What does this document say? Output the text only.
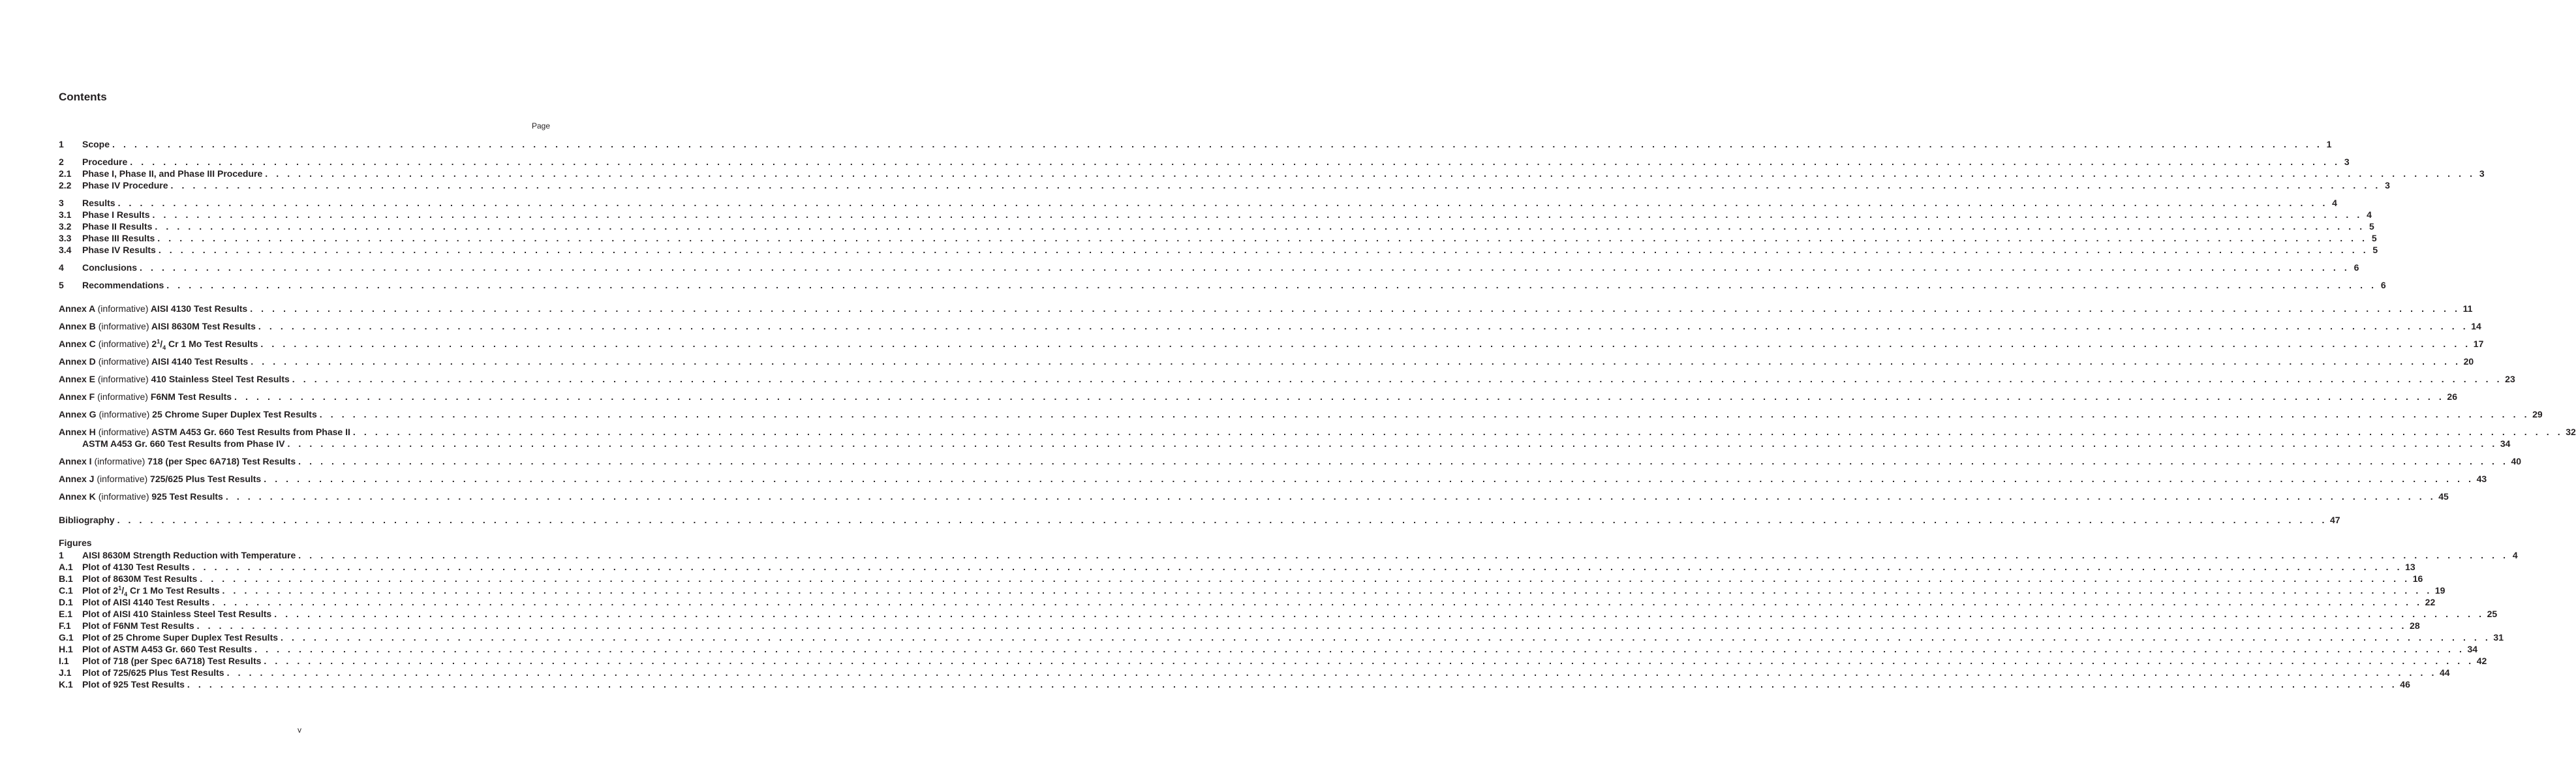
Contents
Page
1	Scope . . . . . . . . . . . . . . . . . . . . . . . . . . . . . . . . . . . . . . . . . . . . . . . . . . . . . . . . . . . . . . . . . . . . . . . . . . . . . . . . . . . . . . . . . . . . . . . . . . . . . . . . . . . . . . . . . . . . . . . . . . . . . . . . . . . . . . . . . . . . . . . . . . . . . . . . . . . . . . . . . . . . . . . . . . . . . . . . . . . . . . . . . . . . . . . . . . . . . . . . 1
2	Procedure . . . . . . . . . . . . . . . . . . . . . . . . . . . . . . . . . . . . . . . . . . . . . . . . . . . . . . . . . . . . . . . . . . . . . . . . . . . . . . . . . . . . . . . . . . . . . . . . . . . . . . . . . . . . . . . . . . . . . . . . . . . . . . . . . . . . . . . . . . . . . . . . . . . . . . . . . . . . . . . . . . . . . . . . . . . . . . . . . . . . . . . . . . . . . . . . . . . . . . . . 3
2.1	Phase I, Phase II, and Phase III Procedure . . . . . . . . . . . . . . . . . . . . . . . . . . . . . . . . . . . . . . . . . . . . . . . . . . . . . . . . . . . . . . . . . . . . . . . . . . . . . . . . . . . . . . . . . . . . . . . . . . . . . . . . . . . . . . . . . . . . . . . . . . . . . . . . . . . . . . . . . . . . . . . . . . . . . . . . . . . . . . . . . . . . . . . . . . . . . . . . . . . . . . . . . . . . . . . . . . . . . . . . 3
2.2	Phase IV Procedure . . . . . . . . . . . . . . . . . . . . . . . . . . . . . . . . . . . . . . . . . . . . . . . . . . . . . . . . . . . . . . . . . . . . . . . . . . . . . . . . . . . . . . . . . . . . . . . . . . . . . . . . . . . . . . . . . . . . . . . . . . . . . . . . . . . . . . . . . . . . . . . . . . . . . . . . . . . . . . . . . . . . . . . . . . . . . . . . . . . . . . . . . . . . . . . . . . . . . . . . 3
3	Results . . . . . . . . . . . . . . . . . . . . . . . . . . . . . . . . . . . . . . . . . . . . . . . . . . . . . . . . . . . . . . . . . . . . . . . . . . . . . . . . . . . . . . . . . . . . . . . . . . . . . . . . . . . . . . . . . . . . . . . . . . . . . . . . . . . . . . . . . . . . . . . . . . . . . . . . . . . . . . . . . . . . . . . . . . . . . . . . . . . . . . . . . . . . . . . . . . . . . . . . 4
3.1	Phase I Results . . . . . . . . . . . . . . . . . . . . . . . . . . . . . . . . . . . . . . . . . . . . . . . . . . . . . . . . . . . . . . . . . . . . . . . . . . . . . . . . . . . . . . . . . . . . . . . . . . . . . . . . . . . . . . . . . . . . . . . . . . . . . . . . . . . . . . . . . . . . . . . . . . . . . . . . . . . . . . . . . . . . . . . . . . . . . . . . . . . . . . . . . . . . . . . . . . . . . . . . 4
3.2	Phase II Results . . . . . . . . . . . . . . . . . . . . . . . . . . . . . . . . . . . . . . . . . . . . . . . . . . . . . . . . . . . . . . . . . . . . . . . . . . . . . . . . . . . . . . . . . . . . . . . . . . . . . . . . . . . . . . . . . . . . . . . . . . . . . . . . . . . . . . . . . . . . . . . . . . . . . . . . . . . . . . . . . . . . . . . . . . . . . . . . . . . . . . . . . . . . . . . . . . . . . . . . 5
3.3	Phase III Results . . . . . . . . . . . . . . . . . . . . . . . . . . . . . . . . . . . . . . . . . . . . . . . . . . . . . . . . . . . . . . . . . . . . . . . . . . . . . . . . . . . . . . . . . . . . . . . . . . . . . . . . . . . . . . . . . . . . . . . . . . . . . . . . . . . . . . . . . . . . . . . . . . . . . . . . . . . . . . . . . . . . . . . . . . . . . . . . . . . . . . . . . . . . . . . . . . . . . . . . 5
3.4	Phase IV Results . . . . . . . . . . . . . . . . . . . . . . . . . . . . . . . . . . . . . . . . . . . . . . . . . . . . . . . . . . . . . . . . . . . . . . . . . . . . . . . . . . . . . . . . . . . . . . . . . . . . . . . . . . . . . . . . . . . . . . . . . . . . . . . . . . . . . . . . . . . . . . . . . . . . . . . . . . . . . . . . . . . . . . . . . . . . . . . . . . . . . . . . . . . . . . . . . . . . . . . . 5
4	Conclusions . . . . . . . . . . . . . . . . . . . . . . . . . . . . . . . . . . . . . . . . . . . . . . . . . . . . . . . . . . . . . . . . . . . . . . . . . . . . . . . . . . . . . . . . . . . . . . . . . . . . . . . . . . . . . . . . . . . . . . . . . . . . . . . . . . . . . . . . . . . . . . . . . . . . . . . . . . . . . . . . . . . . . . . . . . . . . . . . . . . . . . . . . . . . . . . . . . . . . . . . 6
5	Recommendations . . . . . . . . . . . . . . . . . . . . . . . . . . . . . . . . . . . . . . . . . . . . . . . . . . . . . . . . . . . . . . . . . . . . . . . . . . . . . . . . . . . . . . . . . . . . . . . . . . . . . . . . . . . . . . . . . . . . . . . . . . . . . . . . . . . . . . . . . . . . . . . . . . . . . . . . . . . . . . . . . . . . . . . . . . . . . . . . . . . . . . . . . . . . . . . . . . . . . . . . 6
Annex A (informative) AISI 4130 Test Results . . . . . . . . . . . . . . . . . . . . . . . . . . . . . . . . . . . . . . . . . . . . . . . . . . . . . . . . . . . . . . . . . . . . . . . . . . . . . . . . . . . . . . . . . . . . . . . . . . . . . . . . . . . . . . . . . . . . . . . . . . . . . . . . . . . . . . . . . . . . . . . . . . . . . . . . . . . . . . . . . . . . . . . . . . . . . . . . . . . . . . . . . . . . . . . . . . . . . . . . 11
Annex B (informative) AISI 8630M Test Results . . . . . . . . . . . . . . . . . . . . . . . . . . . . . . . . . . . . . . . . . . . . . . . . . . . . . . . . . . . . . . . . . . . . . . . . . . . . . . . . . . . . . . . . . . . . . . . . . . . . . . . . . . . . . . . . . . . . . . . . . . . . . . . . . . . . . . . . . . . . . . . . . . . . . . . . . . . . . . . . . . . . . . . . . . . . . . . . . . . . . . . . . . . . . . . . . . . . . . . . 14
Annex C (informative) $2^1/_4$ Cr 1 Mo Test Results . . . . . . . . . . . . . . . . . . . . . . . . . . . . . . . . . . . . . . . . . . . . . . . . . . . . . . . . . . . . . . . . . . . . . . . . . . . . . . . . . . . . . . . . . . . . . . . . . . . . . . . . . . . . . . . . . . . . . . . . . . . . . . . . . . . . . . . . . . . . . . . . . . . . . . . . . . . . . . . . . . . . . . . . . . . . . . . . . . . . . . . . . . . . . . . . . . . . . . . . 17
Annex D (informative) AISI 4140 Test Results . . . . . . . . . . . . . . . . . . . . . . . . . . . . . . . . . . . . . . . . . . . . . . . . . . . . . . . . . . . . . . . . . . . . . . . . . . . . . . . . . . . . . . . . . . . . . . . . . . . . . . . . . . . . . . . . . . . . . . . . . . . . . . . . . . . . . . . . . . . . . . . . . . . . . . . . . . . . . . . . . . . . . . . . . . . . . . . . . . . . . . . . . . . . . . . . . . . . . . . . 20
Annex E (informative) 410 Stainless Steel Test Results . . . . . . . . . . . . . . . . . . . . . . . . . . . . . . . . . . . . . . . . . . . . . . . . . . . . . . . . . . . . . . . . . . . . . . . . . . . . . . . . . . . . . . . . . . . . . . . . . . . . . . . . . . . . . . . . . . . . . . . . . . . . . . . . . . . . . . . . . . . . . . . . . . . . . . . . . . . . . . . . . . . . . . . . . . . . . . . . . . . . . . . . . . . . . . . . . . . . . . . . 23
Annex F (informative) F6NM Test Results . . . . . . . . . . . . . . . . . . . . . . . . . . . . . . . . . . . . . . . . . . . . . . . . . . . . . . . . . . . . . . . . . . . . . . . . . . . . . . . . . . . . . . . . . . . . . . . . . . . . . . . . . . . . . . . . . . . . . . . . . . . . . . . . . . . . . . . . . . . . . . . . . . . . . . . . . . . . . . . . . . . . . . . . . . . . . . . . . . . . . . . . . . . . . . . . . . . . . . . . 26
Annex G (informative) 25 Chrome Super Duplex Test Results . . . . . . . . . . . . . . . . . . . . . . . . . . . . . . . . . . . . . . . . . . . . . . . . . . . . . . . . . . . . . . . . . . . . . . . . . . . . . . . . . . . . . . . . . . . . . . . . . . . . . . . . . . . . . . . . . . . . . . . . . . . . . . . . . . . . . . . . . . . . . . . . . . . . . . . . . . . . . . . . . . . . . . . . . . . . . . . . . . . . . . . . . . . . . . . . . . . . . . . . 29
Annex H (informative) ASTM A453 Gr. 660 Test Results from Phase II . . . . . . . . . . . . . . . . . . . . . . . . . . . . . . . . . . . . . . . . . . . . . . . . . . . . . . . . . . . . . . . . . . . . . . . . . . . . . . . . . . . . . . . . . . . . . . . . . . . . . . . . . . . . . . . . . . . . . . . . . . . . . . . . . . . . . . . . . . . . . . . . . . . . . . . . . . . . . . . . . . . . . . . . . . . . . . . . . . . . . . . . . . . . . . . . . . . . . . . . 32
ASTM A453 Gr. 660 Test Results from Phase IV . . . . . . . . . . . . . . . . . . . . . . . . . . . . . . . . . . . . . . . . . . . . . . . . . . . . . . . . . . . . . . . . . . . . . . . . . . . . . . . . . . . . . . . . . . . . . . . . . . . . . . . . . . . . . . . . . . . . . . . . . . . . . . . . . . . . . . . . . . . . . . . . . . . . . . . . . . . . . . . . . . . . . . . . . . . . . . . . . . . . . . . . . . . . . . . . . . . . . . . . 34
Annex I (informative) 718 (per Spec 6A718) Test Results . . . . . . . . . . . . . . . . . . . . . . . . . . . . . . . . . . . . . . . . . . . . . . . . . . . . . . . . . . . . . . . . . . . . . . . . . . . . . . . . . . . . . . . . . . . . . . . . . . . . . . . . . . . . . . . . . . . . . . . . . . . . . . . . . . . . . . . . . . . . . . . . . . . . . . . . . . . . . . . . . . . . . . . . . . . . . . . . . . . . . . . . . . . . . . . . . . . . . . . . 40
Annex J (informative) 725/625 Plus Test Results . . . . . . . . . . . . . . . . . . . . . . . . . . . . . . . . . . . . . . . . . . . . . . . . . . . . . . . . . . . . . . . . . . . . . . . . . . . . . . . . . . . . . . . . . . . . . . . . . . . . . . . . . . . . . . . . . . . . . . . . . . . . . . . . . . . . . . . . . . . . . . . . . . . . . . . . . . . . . . . . . . . . . . . . . . . . . . . . . . . . . . . . . . . . . . . . . . . . . . . . 43
Annex K (informative) 925 Test Results . . . . . . . . . . . . . . . . . . . . . . . . . . . . . . . . . . . . . . . . . . . . . . . . . . . . . . . . . . . . . . . . . . . . . . . . . . . . . . . . . . . . . . . . . . . . . . . . . . . . . . . . . . . . . . . . . . . . . . . . . . . . . . . . . . . . . . . . . . . . . . . . . . . . . . . . . . . . . . . . . . . . . . . . . . . . . . . . . . . . . . . . . . . . . . . . . . . . . . . . 45
Bibliography . . . . . . . . . . . . . . . . . . . . . . . . . . . . . . . . . . . . . . . . . . . . . . . . . . . . . . . . . . . . . . . . . . . . . . . . . . . . . . . . . . . . . . . . . . . . . . . . . . . . . . . . . . . . . . . . . . . . . . . . . . . . . . . . . . . . . . . . . . . . . . . . . . . . . . . . . . . . . . . . . . . . . . . . . . . . . . . . . . . . . . . . . . . . . . . . . . . . . . . . 47
1	AISI 8630M Strength Reduction with Temperature . . . . . . . . . . . . . . . . . . . . . . . . . . . . . . . . . . . . . . . . . . . . . . . . . . . . . . . . . . . . . . . . . . . . . . . . . . . . . . . . . . . . . . . . . . . . . . . . . . . . . . . . . . . . . . . . . . . . . . . . . . . . . . . . . . . . . . . . . . . . . . . . . . . . . . . . . . . . . . . . . . . . . . . . . . . . . . . . . . . . . . . . . . . . . . . . . . . . . . . . 4
A.1	Plot of 4130 Test Results . . . . . . . . . . . . . . . . . . . . . . . . . . . . . . . . . . . . . . . . . . . . . . . . . . . . . . . . . . . . . . . . . . . . . . . . . . . . . . . . . . . . . . . . . . . . . . . . . . . . . . . . . . . . . . . . . . . . . . . . . . . . . . . . . . . . . . . . . . . . . . . . . . . . . . . . . . . . . . . . . . . . . . . . . . . . . . . . . . . . . . . . . . . . . . . . . . . . . . . . 13
B.1	Plot of 8630M Test Results . . . . . . . . . . . . . . . . . . . . . . . . . . . . . . . . . . . . . . . . . . . . . . . . . . . . . . . . . . . . . . . . . . . . . . . . . . . . . . . . . . . . . . . . . . . . . . . . . . . . . . . . . . . . . . . . . . . . . . . . . . . . . . . . . . . . . . . . . . . . . . . . . . . . . . . . . . . . . . . . . . . . . . . . . . . . . . . . . . . . . . . . . . . . . . . . . . . . . . . . 16
C.1	Plot of $2^1/_4$ Cr 1 Mo Test Results . . . . . . . . . . . . . . . . . . . . . . . . . . . . . . . . . . . . . . . . . . . . . . . . . . . . . . . . . . . . . . . . . . . . . . . . . . . . . . . . . . . . . . . . . . . . . . . . . . . . . . . . . . . . . . . . . . . . . . . . . . . . . . . . . . . . . . . . . . . . . . . . . . . . . . . . . . . . . . . . . . . . . . . . . . . . . . . . . . . . . . . . . . . . . . . . . . . . . . . . 19
D.1	Plot of AISI 4140 Test Results . . . . . . . . . . . . . . . . . . . . . . . . . . . . . . . . . . . . . . . . . . . . . . . . . . . . . . . . . . . . . . . . . . . . . . . . . . . . . . . . . . . . . . . . . . . . . . . . . . . . . . . . . . . . . . . . . . . . . . . . . . . . . . . . . . . . . . . . . . . . . . . . . . . . . . . . . . . . . . . . . . . . . . . . . . . . . . . . . . . . . . . . . . . . . . . . . . . . . . . . 22
E.1	Plot of AISI 410 Stainless Steel Test Results . . . . . . . . . . . . . . . . . . . . . . . . . . . . . . . . . . . . . . . . . . . . . . . . . . . . . . . . . . . . . . . . . . . . . . . . . . . . . . . . . . . . . . . . . . . . . . . . . . . . . . . . . . . . . . . . . . . . . . . . . . . . . . . . . . . . . . . . . . . . . . . . . . . . . . . . . . . . . . . . . . . . . . . . . . . . . . . . . . . . . . . . . . . . . . . . . . . . . . . . 25
F.1	Plot of F6NM Test Results . . . . . . . . . . . . . . . . . . . . . . . . . . . . . . . . . . . . . . . . . . . . . . . . . . . . . . . . . . . . . . . . . . . . . . . . . . . . . . . . . . . . . . . . . . . . . . . . . . . . . . . . . . . . . . . . . . . . . . . . . . . . . . . . . . . . . . . . . . . . . . . . . . . . . . . . . . . . . . . . . . . . . . . . . . . . . . . . . . . . . . . . . . . . . . . . . . . . . . . . 28
G.1 Plot of 25 Chrome Super Duplex Test Results . . . . . . . . . . . . . . . . . . . . . . . . . . . . . . . . . . . . . . . . . . . . . . . . . . . . . . . . . . . . . . . . . . . . . . . . . . . . . . . . . . . . . . . . . . . . . . . . . . . . . . . . . . . . . . . . . . . . . . . . . . . . . . . . . . . . . . . . . . . . . . . . . . . . . . . . . . . . . . . . . . . . . . . . . . . . . . . . . . . . . . . . . . . . . . . . . . . . . . . . 31
H.1	Plot of ASTM A453 Gr. 660 Test Results . . . . . . . . . . . . . . . . . . . . . . . . . . . . . . . . . . . . . . . . . . . . . . . . . . . . . . . . . . . . . . . . . . . . . . . . . . . . . . . . . . . . . . . . . . . . . . . . . . . . . . . . . . . . . . . . . . . . . . . . . . . . . . . . . . . . . . . . . . . . . . . . . . . . . . . . . . . . . . . . . . . . . . . . . . . . . . . . . . . . . . . . . . . . . . . . . . . . . . . . 34
I.1	Plot of 718 (per Spec 6A718) Test Results . . . . . . . . . . . . . . . . . . . . . . . . . . . . . . . . . . . . . . . . . . . . . . . . . . . . . . . . . . . . . . . . . . . . . . . . . . . . . . . . . . . . . . . . . . . . . . . . . . . . . . . . . . . . . . . . . . . . . . . . . . . . . . . . . . . . . . . . . . . . . . . . . . . . . . . . . . . . . . . . . . . . . . . . . . . . . . . . . . . . . . . . . . . . . . . . . . . . . . . . 42
J.1	Plot of 725/625 Plus Test Results . . . . . . . . . . . . . . . . . . . . . . . . . . . . . . . . . . . . . . . . . . . . . . . . . . . . . . . . . . . . . . . . . . . . . . . . . . . . . . . . . . . . . . . . . . . . . . . . . . . . . . . . . . . . . . . . . . . . . . . . . . . . . . . . . . . . . . . . . . . . . . . . . . . . . . . . . . . . . . . . . . . . . . . . . . . . . . . . . . . . . . . . . . . . . . . . . . . . . . . . 44
K.1	Plot of 925 Test Results . . . . . . . . . . . . . . . . . . . . . . . . . . . . . . . . . . . . . . . . . . . . . . . . . . . . . . . . . . . . . . . . . . . . . . . . . . . . . . . . . . . . . . . . . . . . . . . . . . . . . . . . . . . . . . . . . . . . . . . . . . . . . . . . . . . . . . . . . . . . . . . . . . . . . . . . . . . . . . . . . . . . . . . . . . . . . . . . . . . . . . . . . . . . . . . . . . . . . . . . 46
Figures
v
